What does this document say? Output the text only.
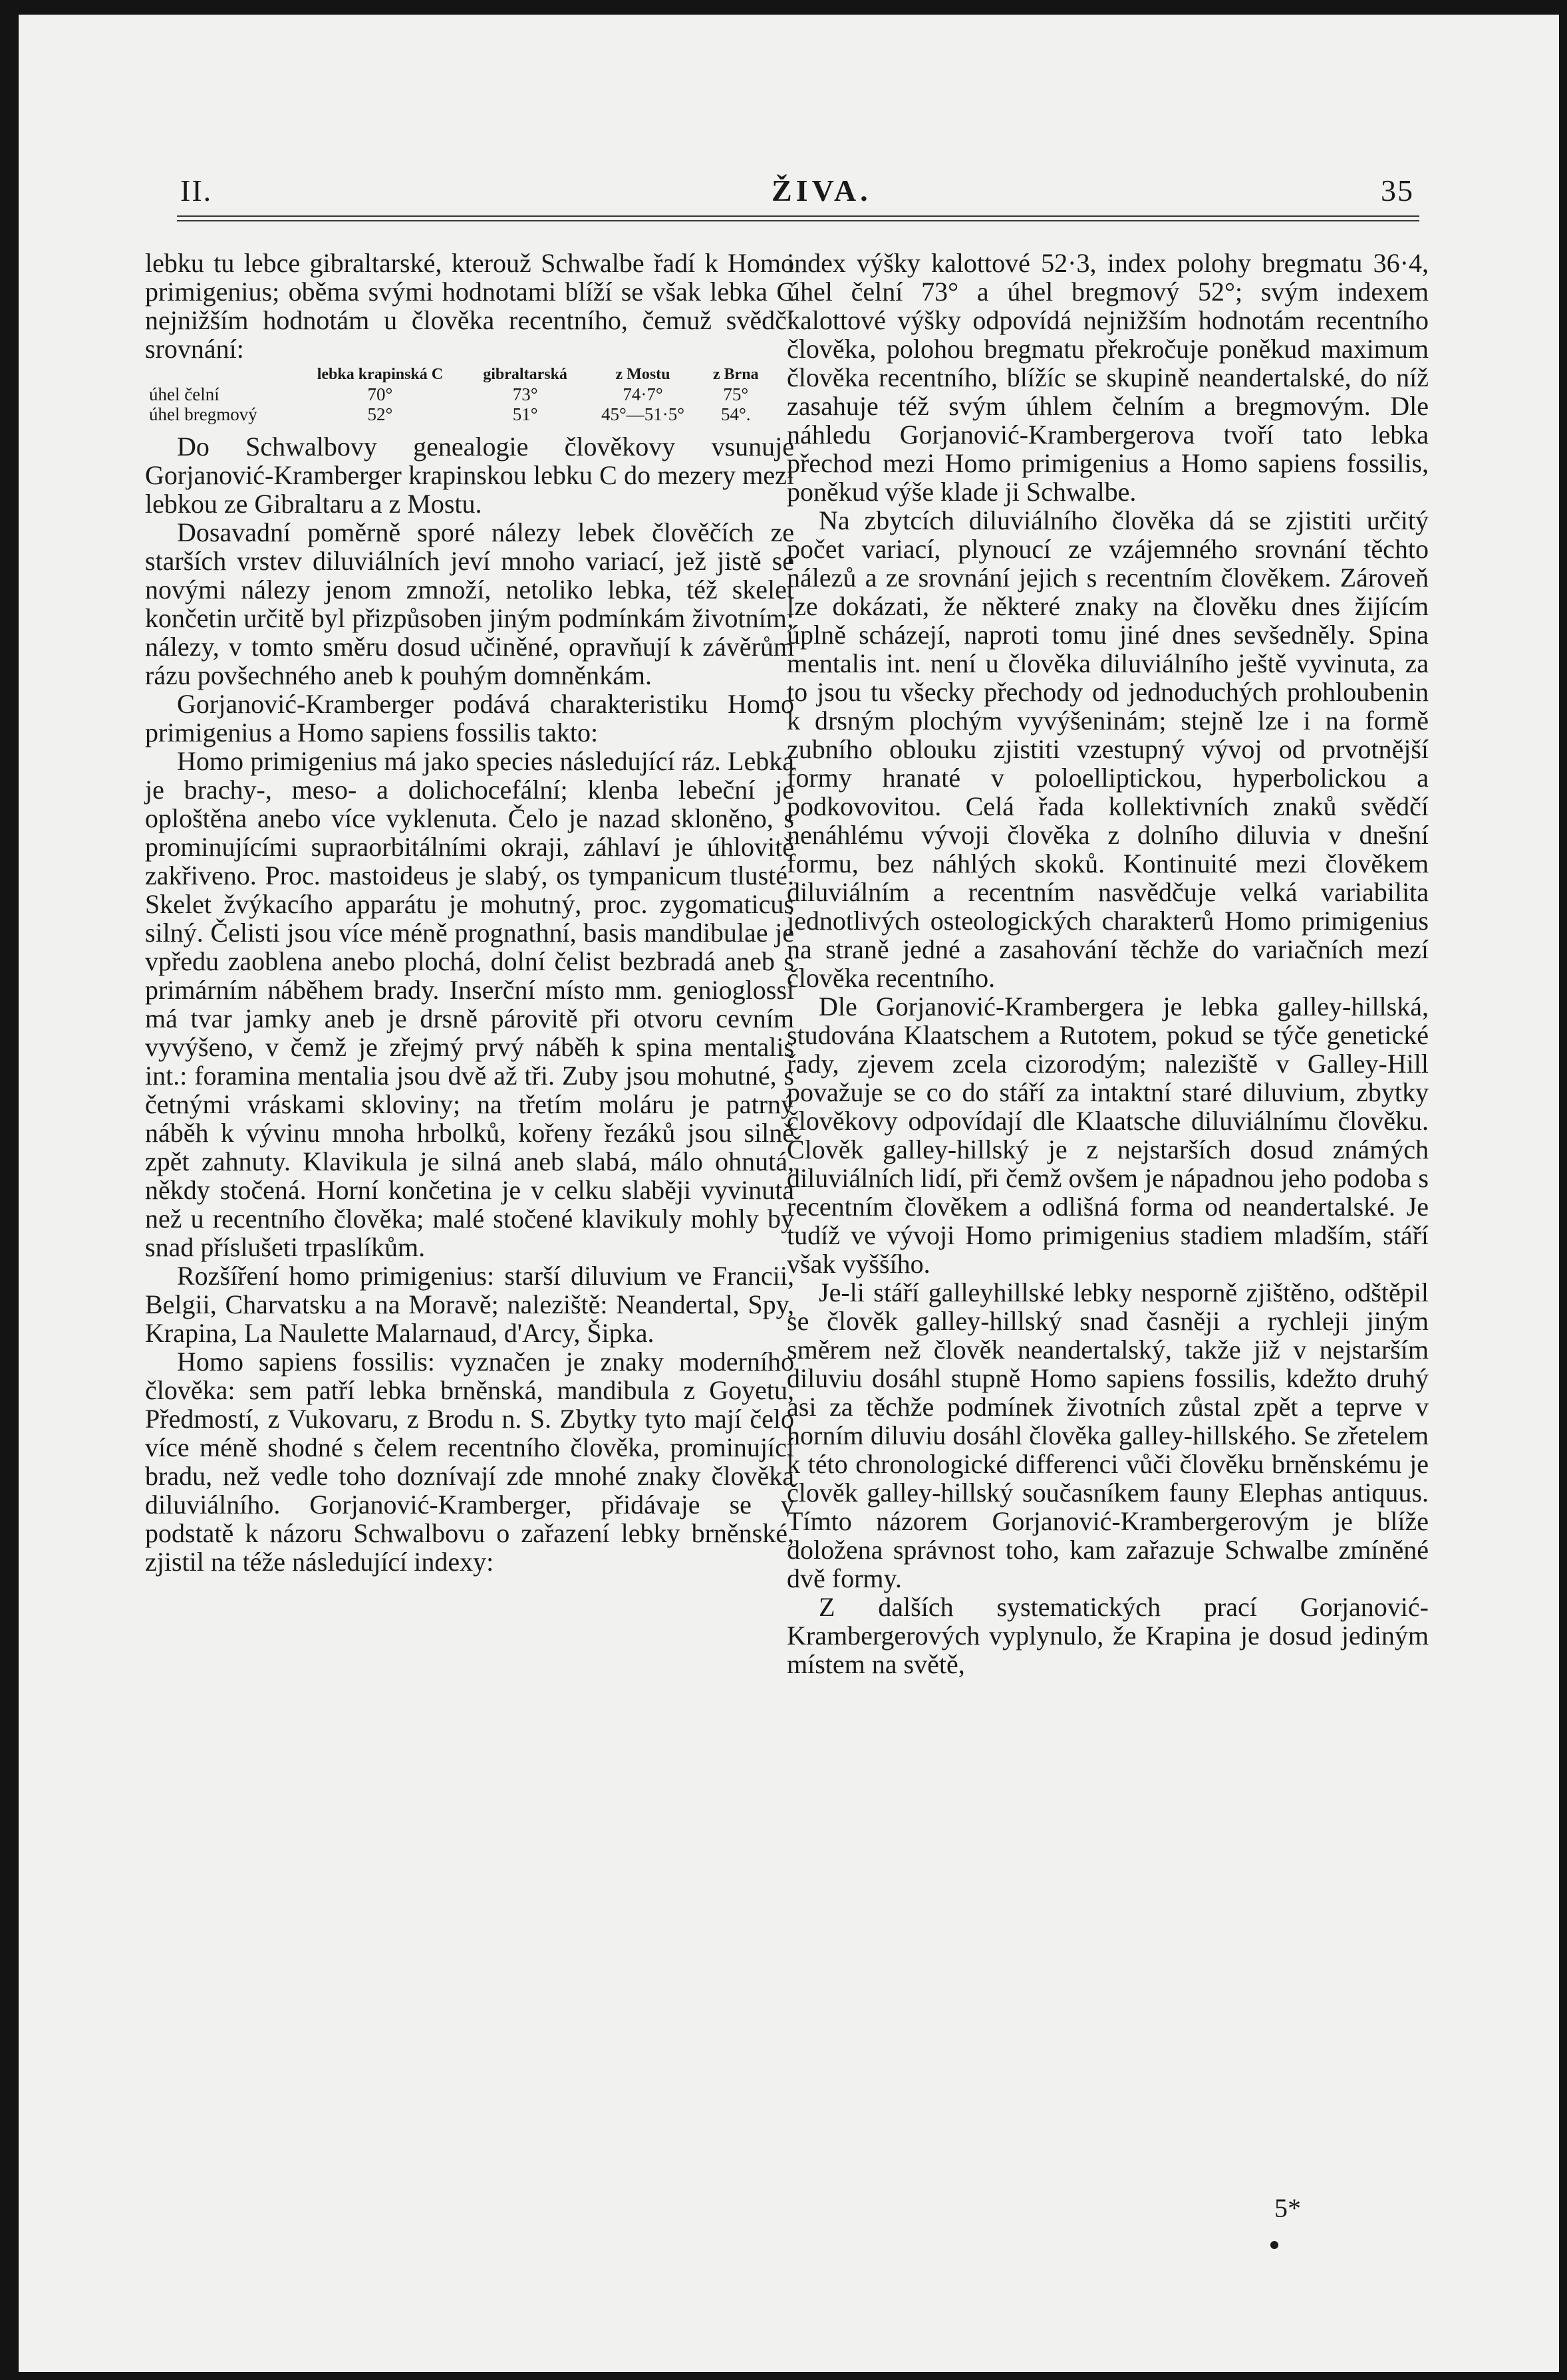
II.	ŽIVA.	35

lebku tu lebce gibraltarské, kterouž Schwalbe řadí k Homo primigenius; oběma svými hodnotami blíží se však lebka C nejnižším hodnotám u člověka recentního, čemuž svědčí srovnání:

	lebka krapinská C	gibraltarská	z Mostu	z Brna
úhel čelní	70°	73°	74·7°	75°
úhel bregmový	52°	51°	45°—51·5°	54°.

Do Schwalbovy genealogie člověkovy vsunuje Gorjanović-Kramberger krapinskou lebku C do mezery mezi lebkou ze Gibraltaru a z Mostu.

Dosavadní poměrně sporé nálezy lebek člověčích ze starších vrstev diluviálních jeví mnoho variací, jež jistě se novými nálezy jenom zmnoží, netoliko lebka, též skelet končetin určitě byl přizpůsoben jiným podmínkám životním; nálezy, v tomto směru dosud učiněné, opravňují k závěrům rázu povšechného aneb k pouhým domněnkám.

Gorjanović-Kramberger podává charakteristiku Homo primigenius a Homo sapiens fossilis takto:

Homo primigenius má jako species následující ráz. Lebka je brachy-, meso- a dolichocefální; klenba lebeční je oploštěna anebo více vyklenuta. Čelo je nazad skloněno, s prominujícími supraorbitálními okraji, záhlaví je úhlovitě zakřiveno. Proc. mastoideus je slabý, os tympanicum tlusté. Skelet žvýkacího apparátu je mohutný, proc. zygomaticus silný. Čelisti jsou více méně prognathní, basis mandibulae je vpředu zaoblena anebo plochá, dolní čelist bezbradá aneb s primárním náběhem brady. Inserční místo mm. genioglossi má tvar jamky aneb je drsně párovitě při otvoru cevním vyvýšeno, v čemž je zřejmý prvý náběh k spina mentalis int.: foramina mentalia jsou dvě až tři. Zuby jsou mohutné, s četnými vráskami skloviny; na třetím moláru je patrný náběh k vývinu mnoha hrbolků, kořeny řezáků jsou silně zpět zahnuty. Klavikula je silná aneb slabá, málo ohnutá, někdy stočená. Horní končetina je v celku slaběji vyvinuta než u recentního člověka; malé stočené klavikuly mohly by snad příslušeti trpaslíkům.

Rozšíření homo primigenius: starší diluvium ve Francii, Belgii, Charvatsku a na Moravě; naleziště: Neandertal, Spy, Krapina, La Naulette Malarnaud, d'Arcy, Šipka.

Homo sapiens fossilis: vyznačen je znaky moderního člověka: sem patří lebka brněnská, mandibula z Goyetu, Předmostí, z Vukovaru, z Brodu n. S. Zbytky tyto mají čelo více méně shodné s čelem recentního člověka, prominující bradu, než vedle toho doznívají zde mnohé znaky člověka diluviálního. Gorjanović-Kramberger, přidávaje se v podstatě k názoru Schwalbovu o zařazení lebky brněnské, zjistil na téže následující indexy:

index výšky kalottové 52·3, index polohy bregmatu 36·4, úhel čelní 73° a úhel bregmový 52°; svým indexem kalottové výšky odpovídá nejnižším hodnotám recentního člověka, polohou bregmatu překročuje poněkud maximum člověka recentního, blížíc se skupině neandertalské, do níž zasahuje též svým úhlem čelním a bregmovým. Dle náhledu Gorjanović-Krambergerova tvoří tato lebka přechod mezi Homo primigenius a Homo sapiens fossilis, poněkud výše klade ji Schwalbe.

Na zbytcích diluviálního člověka dá se zjistiti určitý počet variací, plynoucí ze vzájemného srovnání těchto nálezů a ze srovnání jejich s recentním člověkem. Zároveň lze dokázati, že některé znaky na člověku dnes žijícím úplně scházejí, naproti tomu jiné dnes sevšedněly. Spina mentalis int. není u člověka diluviálního ještě vyvinuta, za to jsou tu všecky přechody od jednoduchých prohloubenin k drsným plochým vyvýšeninám; stejně lze i na formě zubního oblouku zjistiti vzestupný vývoj od prvotnější formy hranaté v poloelliptickou, hyperbolickou a podkovovitou. Celá řada kollektivních znaků svědčí nenáhlému vývoji člověka z dolního diluvia v dnešní formu, bez náhlých skoků. Kontinuité mezi člověkem diluviálním a recentním nasvědčuje velká variabilita jednotlivých osteologických charakterů Homo primigenius na straně jedné a zasahování těchže do variačních mezí člověka recentního.

Dle Gorjanović-Krambergera je lebka galley-hillská, studována Klaatschem a Rutotem, pokud se týče genetické řady, zjevem zcela cizorodým; naleziště v Galley-Hill považuje se co do stáří za intaktní staré diluvium, zbytky člověkovy odpovídají dle Klaatsche diluviálnímu člověku. Člověk galley-hillský je z nejstarších dosud známých diluviálních lidí, při čemž ovšem je nápadnou jeho podoba s recentním člověkem a odlišná forma od neandertalské. Je tudíž ve vývoji Homo primigenius stadiem mladším, stáří však vyššího.

Je-li stáří galleyhillské lebky nesporně zjištěno, odštěpil se člověk galley-hillský snad časněji a rychleji jiným směrem než člověk neandertalský, takže již v nejstarším diluviu dosáhl stupně Homo sapiens fossilis, kdežto druhý asi za těchže podmínek životních zůstal zpět a teprve v horním diluviu dosáhl člověka galley-hillského. Se zřetelem k této chronologické differenci vůči člověku brněnskému je člověk galley-hillský současníkem fauny Elephas antiquus. Tímto názorem Gorjanović-Krambergerovým je blíže doložena správnost toho, kam zařazuje Schwalbe zmíněné dvě formy.

Z dalších systematických prací Gorjanović-Krambergerových vyplynulo, že Krapina je dosud jediným místem na světě,

5*
